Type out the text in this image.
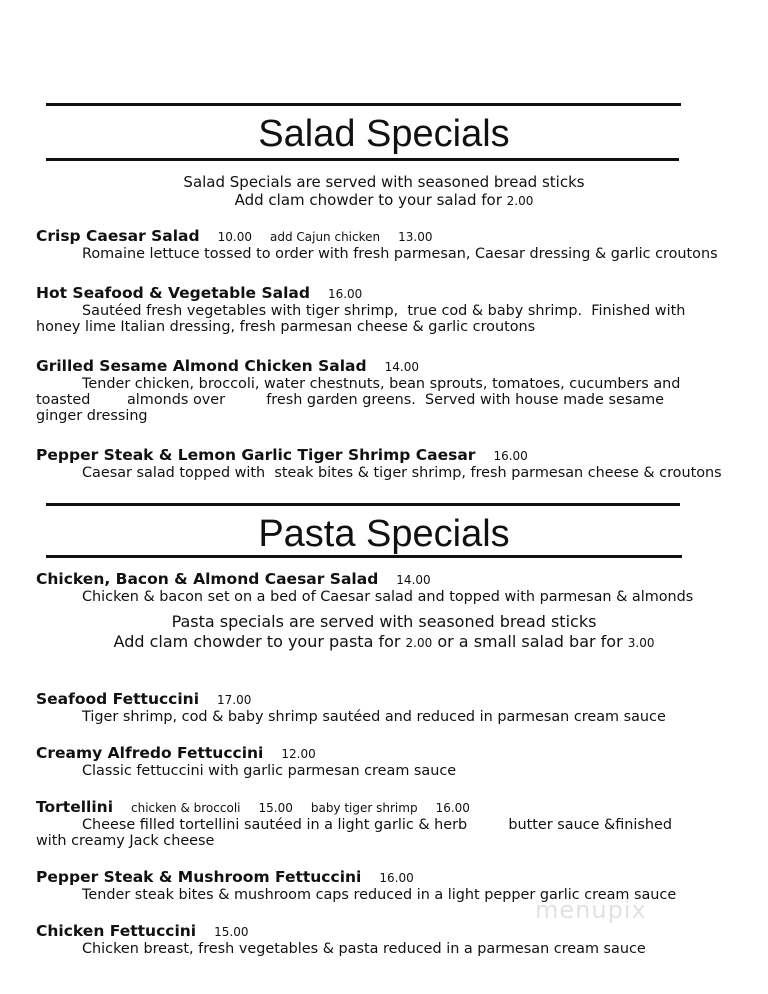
Salad Specials
Salad Specials are served with seasoned bread sticks
Add clam chowder to your salad for 2.00
Crisp Caesar Salad 10.00 add Cajun chicken 13.00
Romaine lettuce tossed to order with fresh parmesan, Caesar dressing & garlic croutons
Hot Seafood & Vegetable Salad 16.00
Sautéed fresh vegetables with tiger shrimp,  true cod & baby shrimp.  Finished with honey lime Italian dressing, fresh parmesan cheese & garlic croutons
Grilled Sesame Almond Chicken Salad 14.00
Tender chicken, broccoli, water chestnuts, bean sprouts, tomatoes, cucumbers and toasted        almonds over         fresh garden greens.  Served with house made sesame ginger dressing
Pepper Steak & Lemon Garlic Tiger Shrimp Caesar 16.00
Caesar salad topped with  steak bites & tiger shrimp, fresh parmesan cheese & croutons
Pasta Specials
Chicken, Bacon & Almond Caesar Salad 14.00
Chicken & bacon set on a bed of Caesar salad and topped with parmesan & almonds
Pasta specials are served with seasoned bread sticks
Add clam chowder to your pasta for 2.00 or a small salad bar for 3.00
Seafood Fettuccini 17.00
Tiger shrimp, cod & baby shrimp sautéed and reduced in parmesan cream sauce
Creamy Alfredo Fettuccini 12.00
Classic fettuccini with garlic parmesan cream sauce
Tortellini chicken & broccoli 15.00 baby tiger shrimp 16.00
Cheese filled tortellini sautéed in a light garlic & herb         butter sauce &finished with creamy Jack cheese
Pepper Steak & Mushroom Fettuccini 16.00
Tender steak bites & mushroom caps reduced in a light pepper garlic cream sauce
Chicken Fettuccini 15.00
Chicken breast, fresh vegetables & pasta reduced in a parmesan cream sauce
menupix
